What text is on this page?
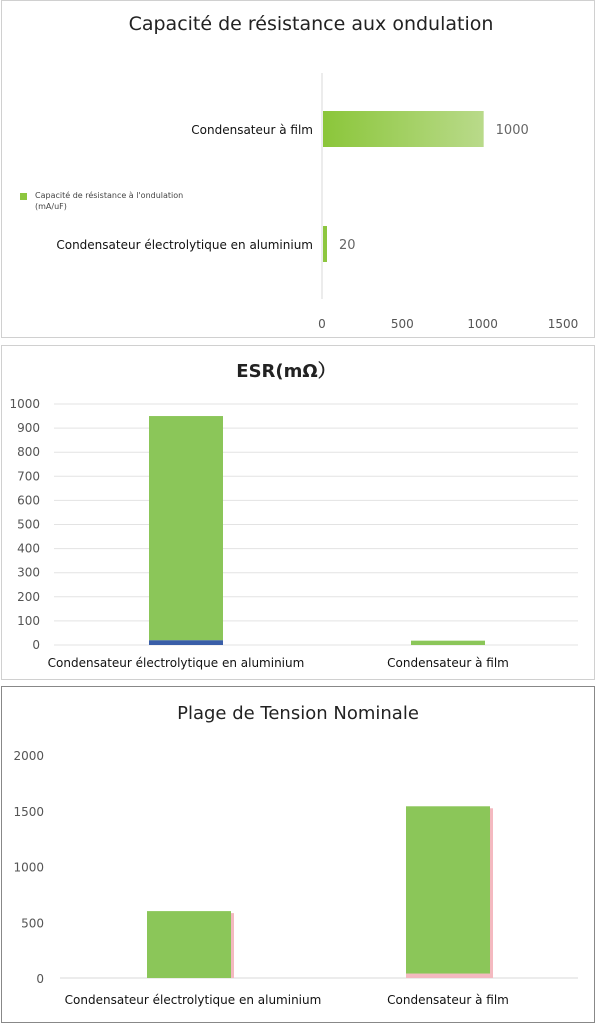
Capacité de résistance aux ondulation
Condensateur à film	1000
Condensateur électrolytique en aluminium 20
0	500	1000	1500
Capacité de résistance à l'ondulation
(mA/uF)
ESR(mΩ）
0
100
200
300
400
500
600
700
800
900
1000
Condensateur électrolytique en aluminium	Condensateur à film
Plage de Tension Nominale
0
500
1000
1500
2000
Condensateur électrolytique en aluminium	Condensateur à film
